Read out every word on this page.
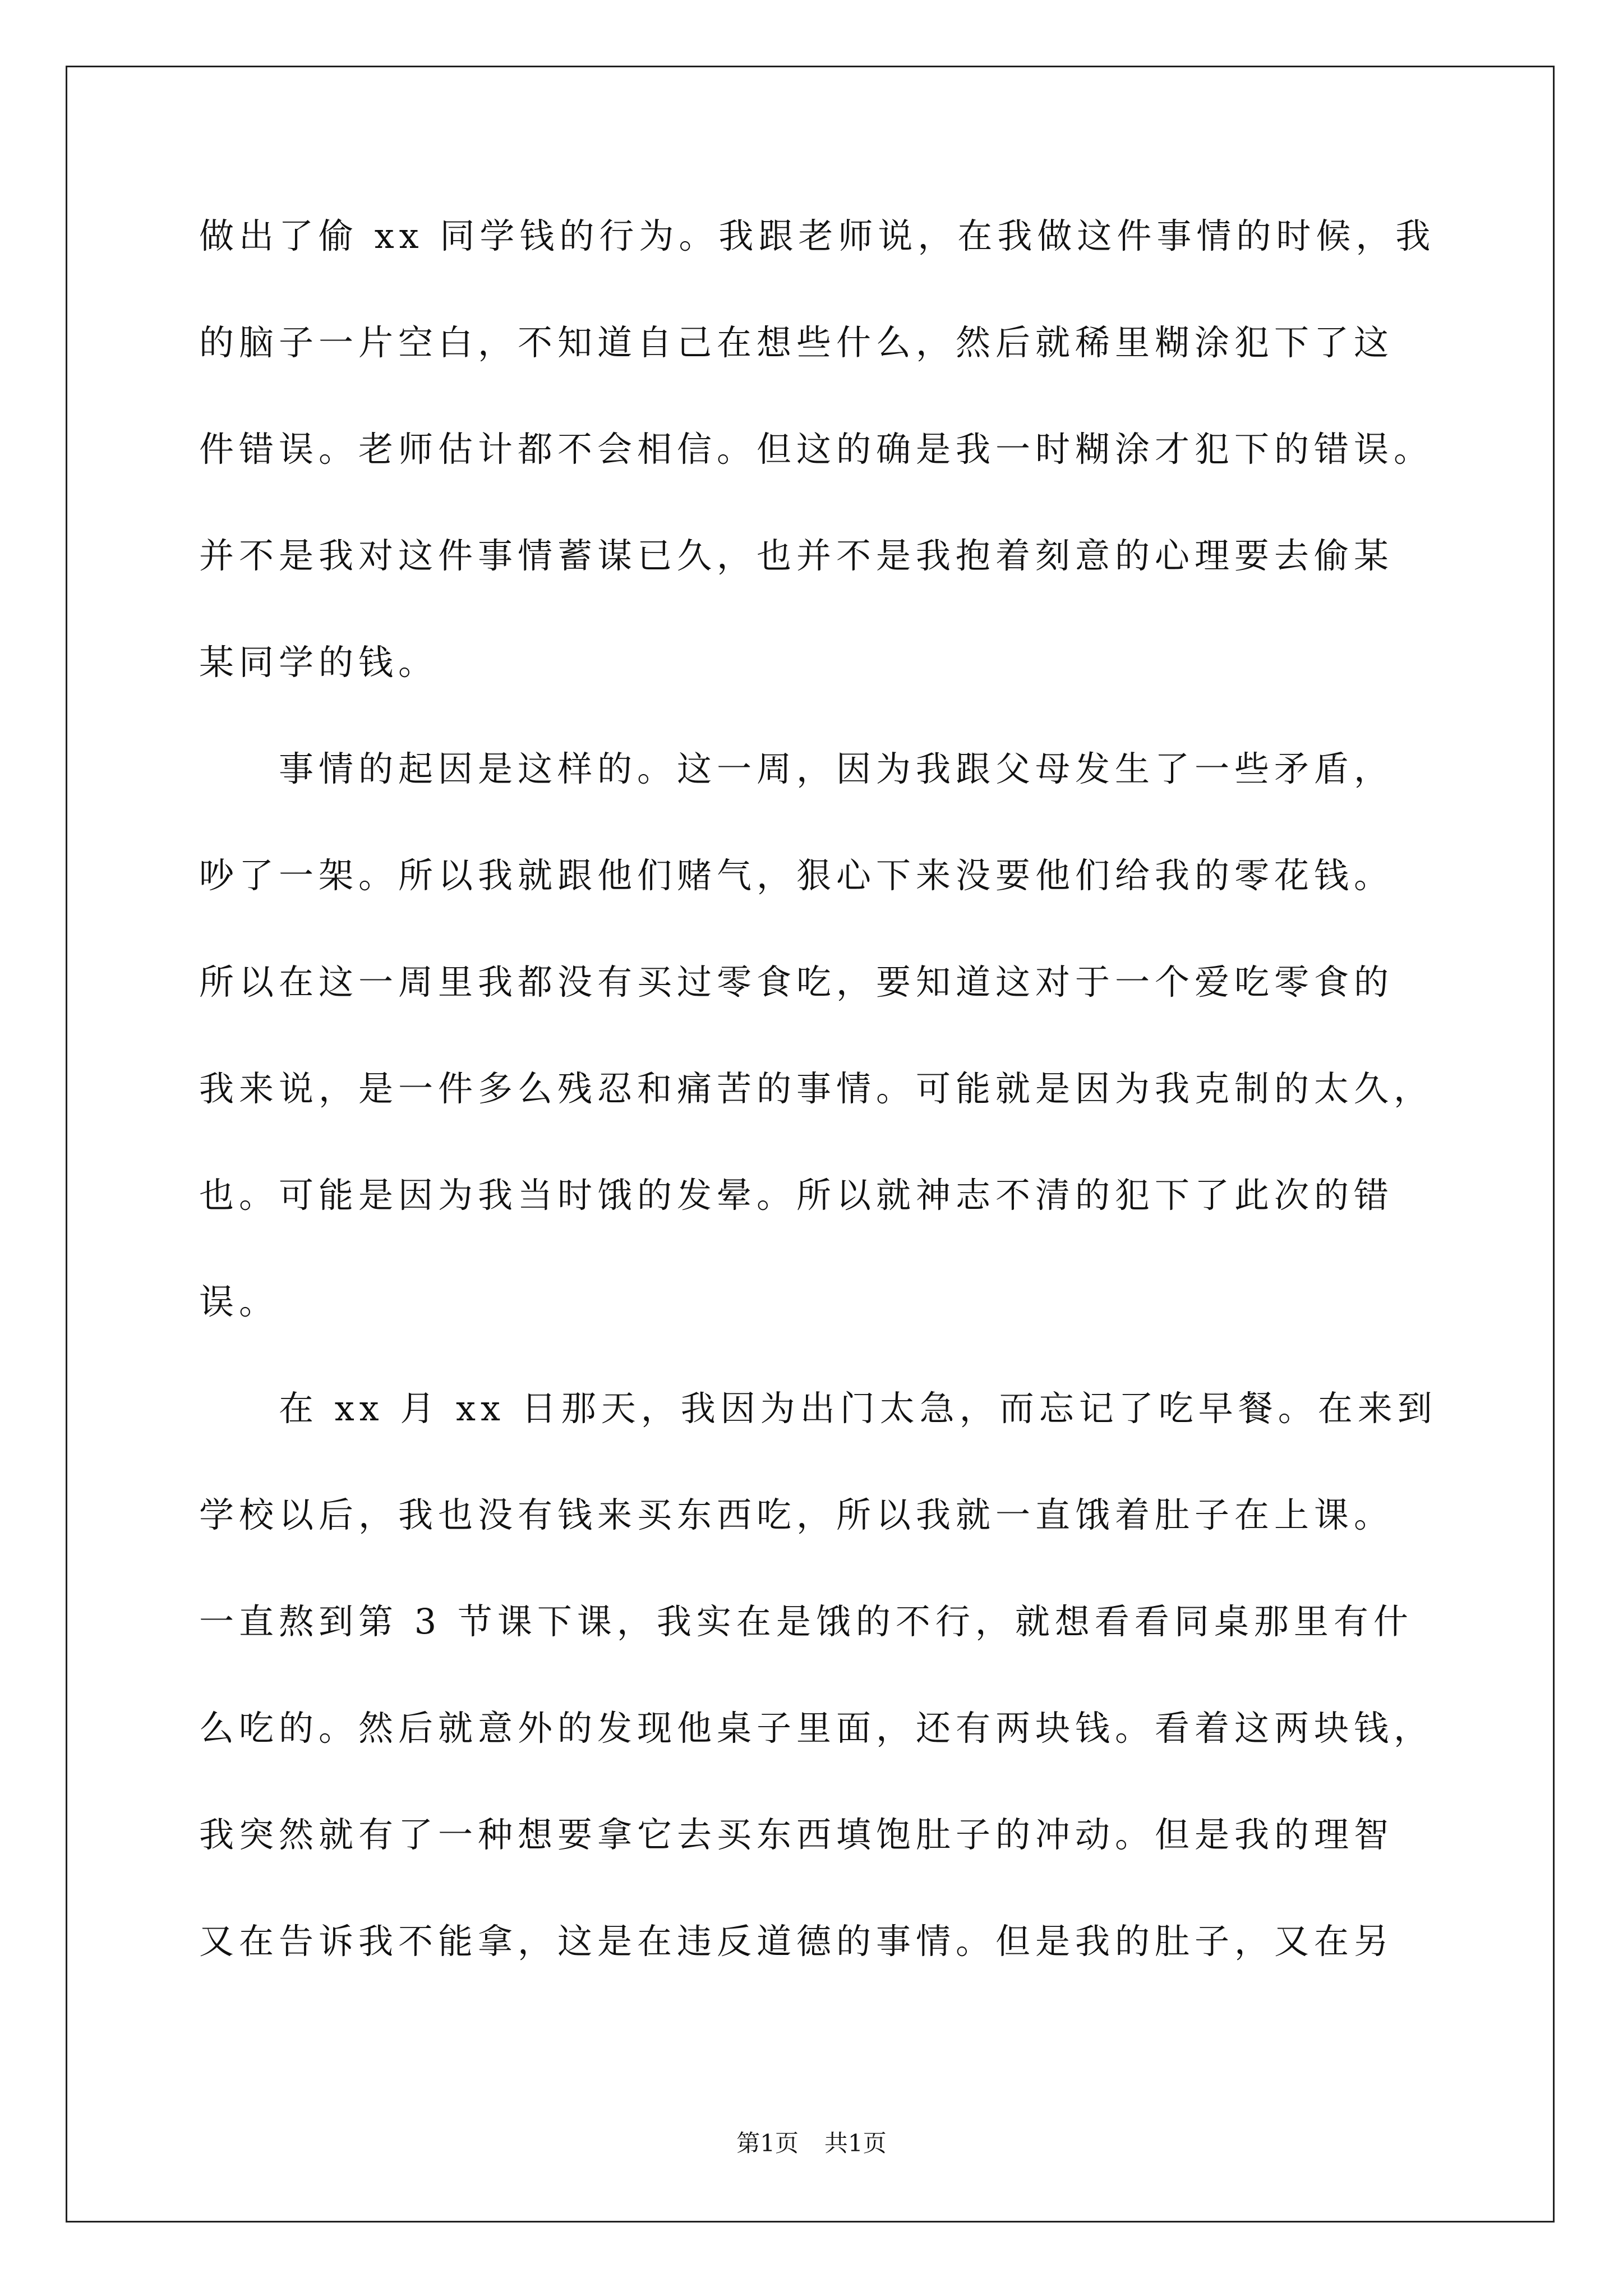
做出了偷 xx 同学钱的行为。我跟老师说，在我做这件事情的时候，我
的脑子一片空白，不知道自己在想些什么，然后就稀里糊涂犯下了这
件错误。老师估计都不会相信。但这的确是我一时糊涂才犯下的错误。
并不是我对这件事情蓄谋已久，也并不是我抱着刻意的心理要去偷某
某同学的钱。
　　事情的起因是这样的。这一周，因为我跟父母发生了一些矛盾，
吵了一架。所以我就跟他们赌气，狠心下来没要他们给我的零花钱。
所以在这一周里我都没有买过零食吃，要知道这对于一个爱吃零食的
我来说，是一件多么残忍和痛苦的事情。可能就是因为我克制的太久，
也。可能是因为我当时饿的发晕。所以就神志不清的犯下了此次的错
误。
　　在 xx 月 xx 日那天，我因为出门太急，而忘记了吃早餐。在来到
学校以后，我也没有钱来买东西吃，所以我就一直饿着肚子在上课。
一直熬到第 3 节课下课，我实在是饿的不行，就想看看同桌那里有什
么吃的。然后就意外的发现他桌子里面，还有两块钱。看着这两块钱，
我突然就有了一种想要拿它去买东西填饱肚子的冲动。但是我的理智
又在告诉我不能拿，这是在违反道德的事情。但是我的肚子，又在另
第1页 共1页
